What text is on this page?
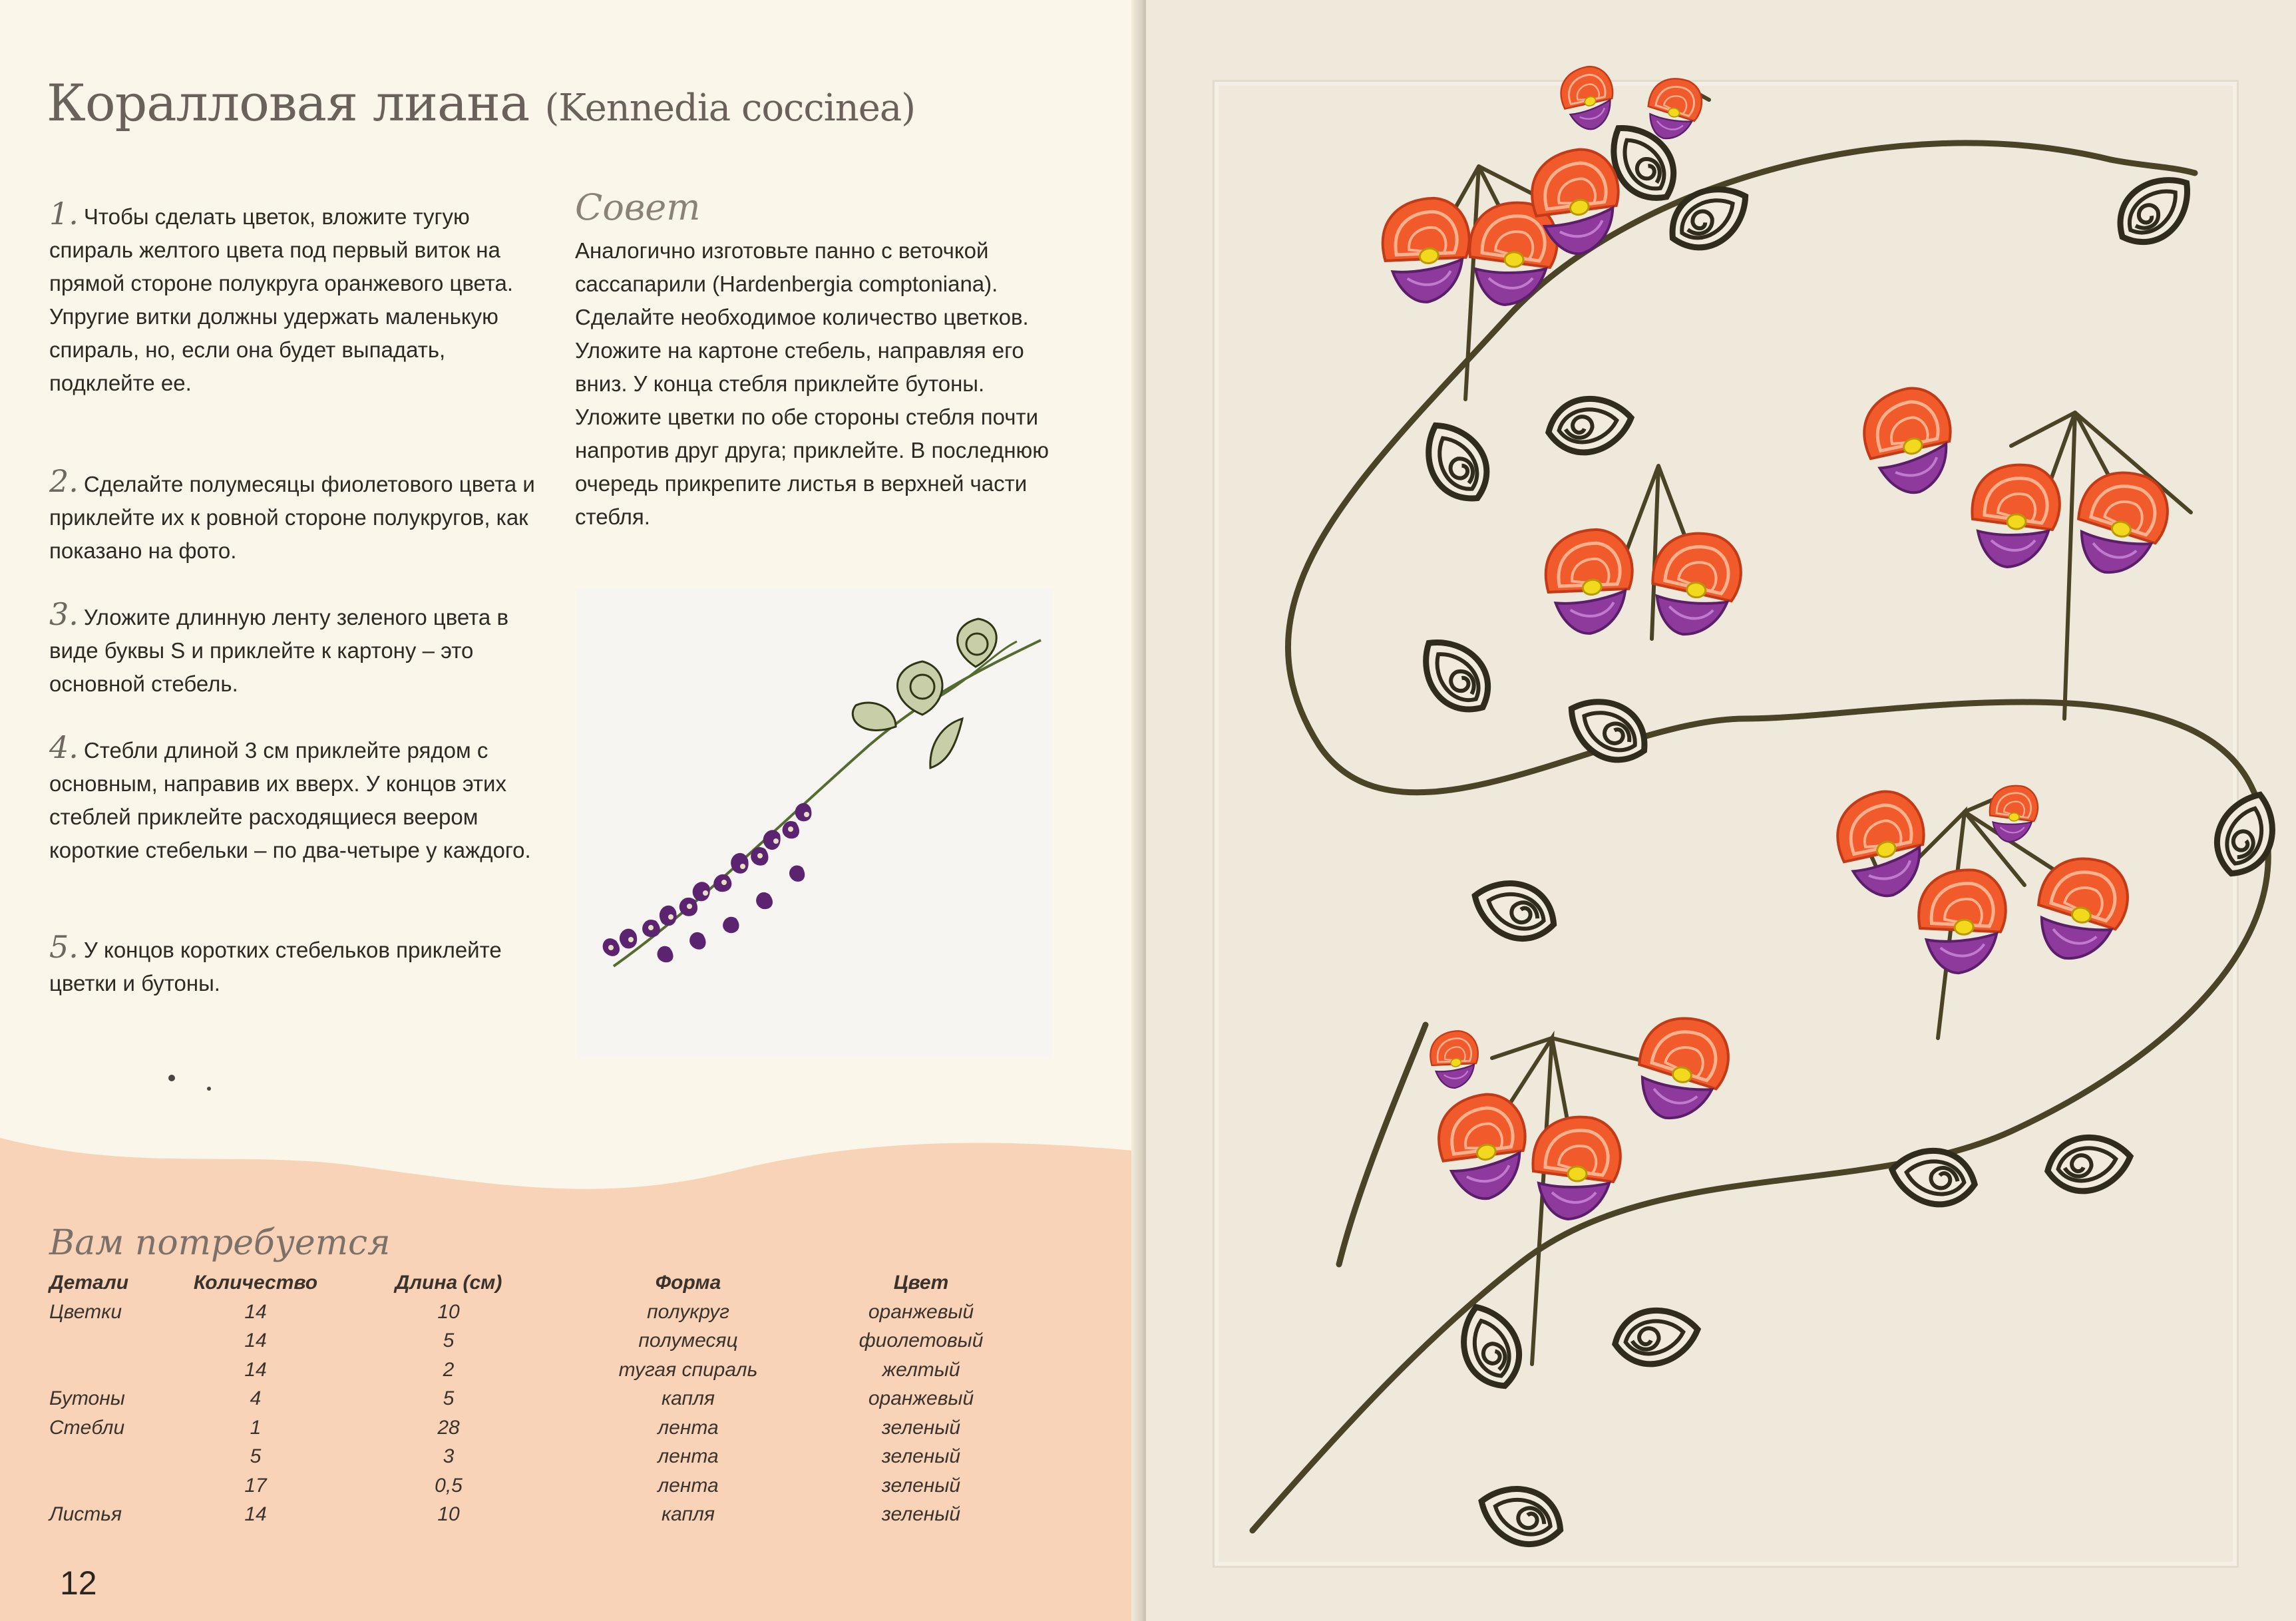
Коралловая лиана (Kennedia coccinea)

1. Чтобы сделать цветок, вложите тугую спираль желтого цвета под первый виток на прямой стороне полукруга оранжевого цвета. Упругие витки должны удержать маленькую спираль, но, если она будет выпадать, подклейте ее.

2. Сделайте полумесяцы фиолетового цвета и приклейте их к ровной стороне полукругов, как показано на фото.

3. Уложите длинную ленту зеленого цвета в виде буквы S и приклейте к картону – это основной стебель.

4. Стебли длиной 3 см приклейте рядом с основным, направив их вверх. У концов этих стеблей приклейте расходящиеся веером короткие стебельки – по два-четыре у каждого.

5. У концов коротких стебельков приклейте цветки и бутоны.

Совет

Аналогично изготовьте панно с веточкой сассапарили (Hardenbergia comptoniana). Сделайте необходимое количество цветков. Уложите на картоне стебель, направляя его вниз. У конца стебля приклейте бутоны. Уложите цветки по обе стороны стебля почти напротив друг друга; приклейте. В последнюю очередь прикрепите листья в верхней части стебля.

Вам потребуется
Детали	Количество	Длина (см)	Форма	Цвет
Цветки	14	10	полукруг	оранжевый
	14	5	полумесяц	фиолетовый
	14	2	тугая спираль	желтый
Бутоны	4	5	капля	оранжевый
Стебли	1	28	лента	зеленый
	5	3	лента	зеленый
	17	0,5	лента	зеленый
Листья	14	10	капля	зеленый
12
